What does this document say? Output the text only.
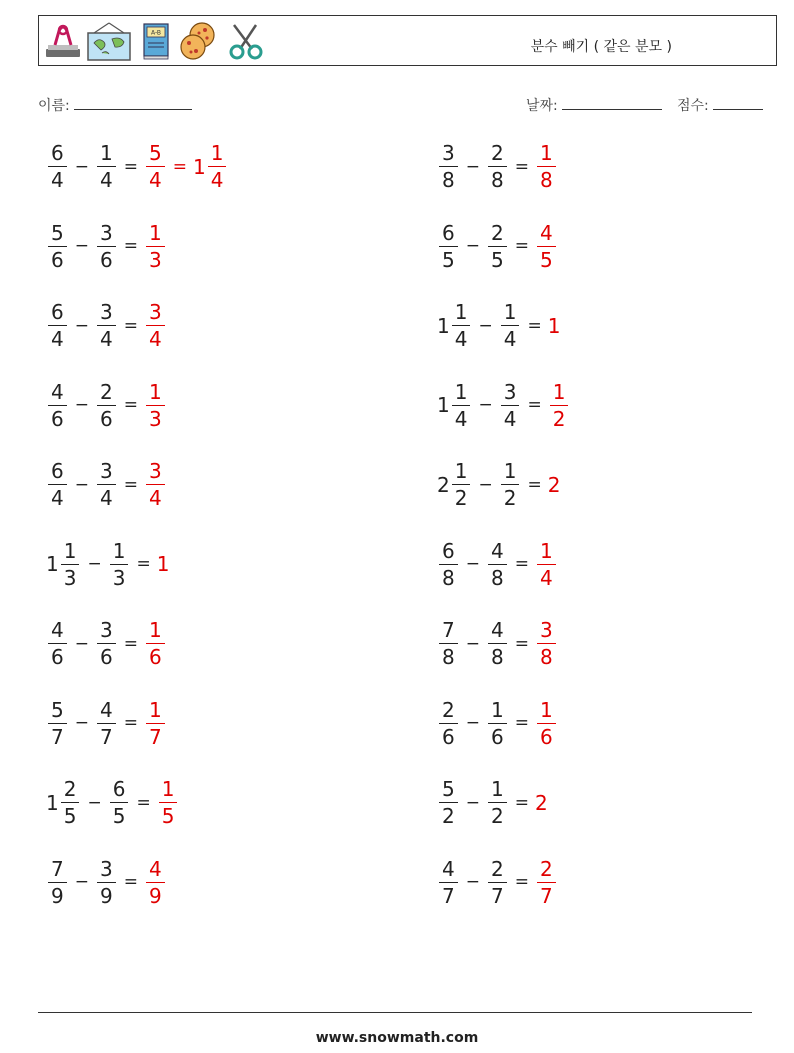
A-B
분수 빼기 ( 같은 분모 )
이름:	날짜:	점수:
$\frac{6}{4} - \frac{1}{4} = \frac{5}{4} = 1 \frac{1}{4}$	$\frac{3}{8} - \frac{2}{8} = \frac{1}{8}$
$\frac{5}{6} - \frac{3}{6} = \frac{1}{3}$	$\frac{6}{5} - \frac{2}{5} = \frac{4}{5}$
$\frac{6}{4} - \frac{3}{4} = \frac{3}{4}$	$1 \frac{1}{4} - \frac{1}{4} = 1$
$\frac{4}{6} - \frac{2}{6} = \frac{1}{3}$	$1 \frac{1}{4} - \frac{3}{4} = \frac{1}{2}$
$\frac{6}{4} - \frac{3}{4} = \frac{3}{4}$	$2 \frac{1}{2} - \frac{1}{2} = 2$
$1 \frac{1}{3} - \frac{1}{3} = 1$	$\frac{6}{8} - \frac{4}{8} = \frac{1}{4}$
$\frac{4}{6} - \frac{3}{6} = \frac{1}{6}$	$\frac{7}{8} - \frac{4}{8} = \frac{3}{8}$
$\frac{5}{7} - \frac{4}{7} = \frac{1}{7}$	$\frac{2}{6} - \frac{1}{6} = \frac{1}{6}$
$1 \frac{2}{5} - \frac{6}{5} = \frac{1}{5}$	$\frac{5}{2} - \frac{1}{2} = 2$
$\frac{7}{9} - \frac{3}{9} = \frac{4}{9}$	$\frac{4}{7} - \frac{2}{7} = \frac{2}{7}$
www.snowmath.com
